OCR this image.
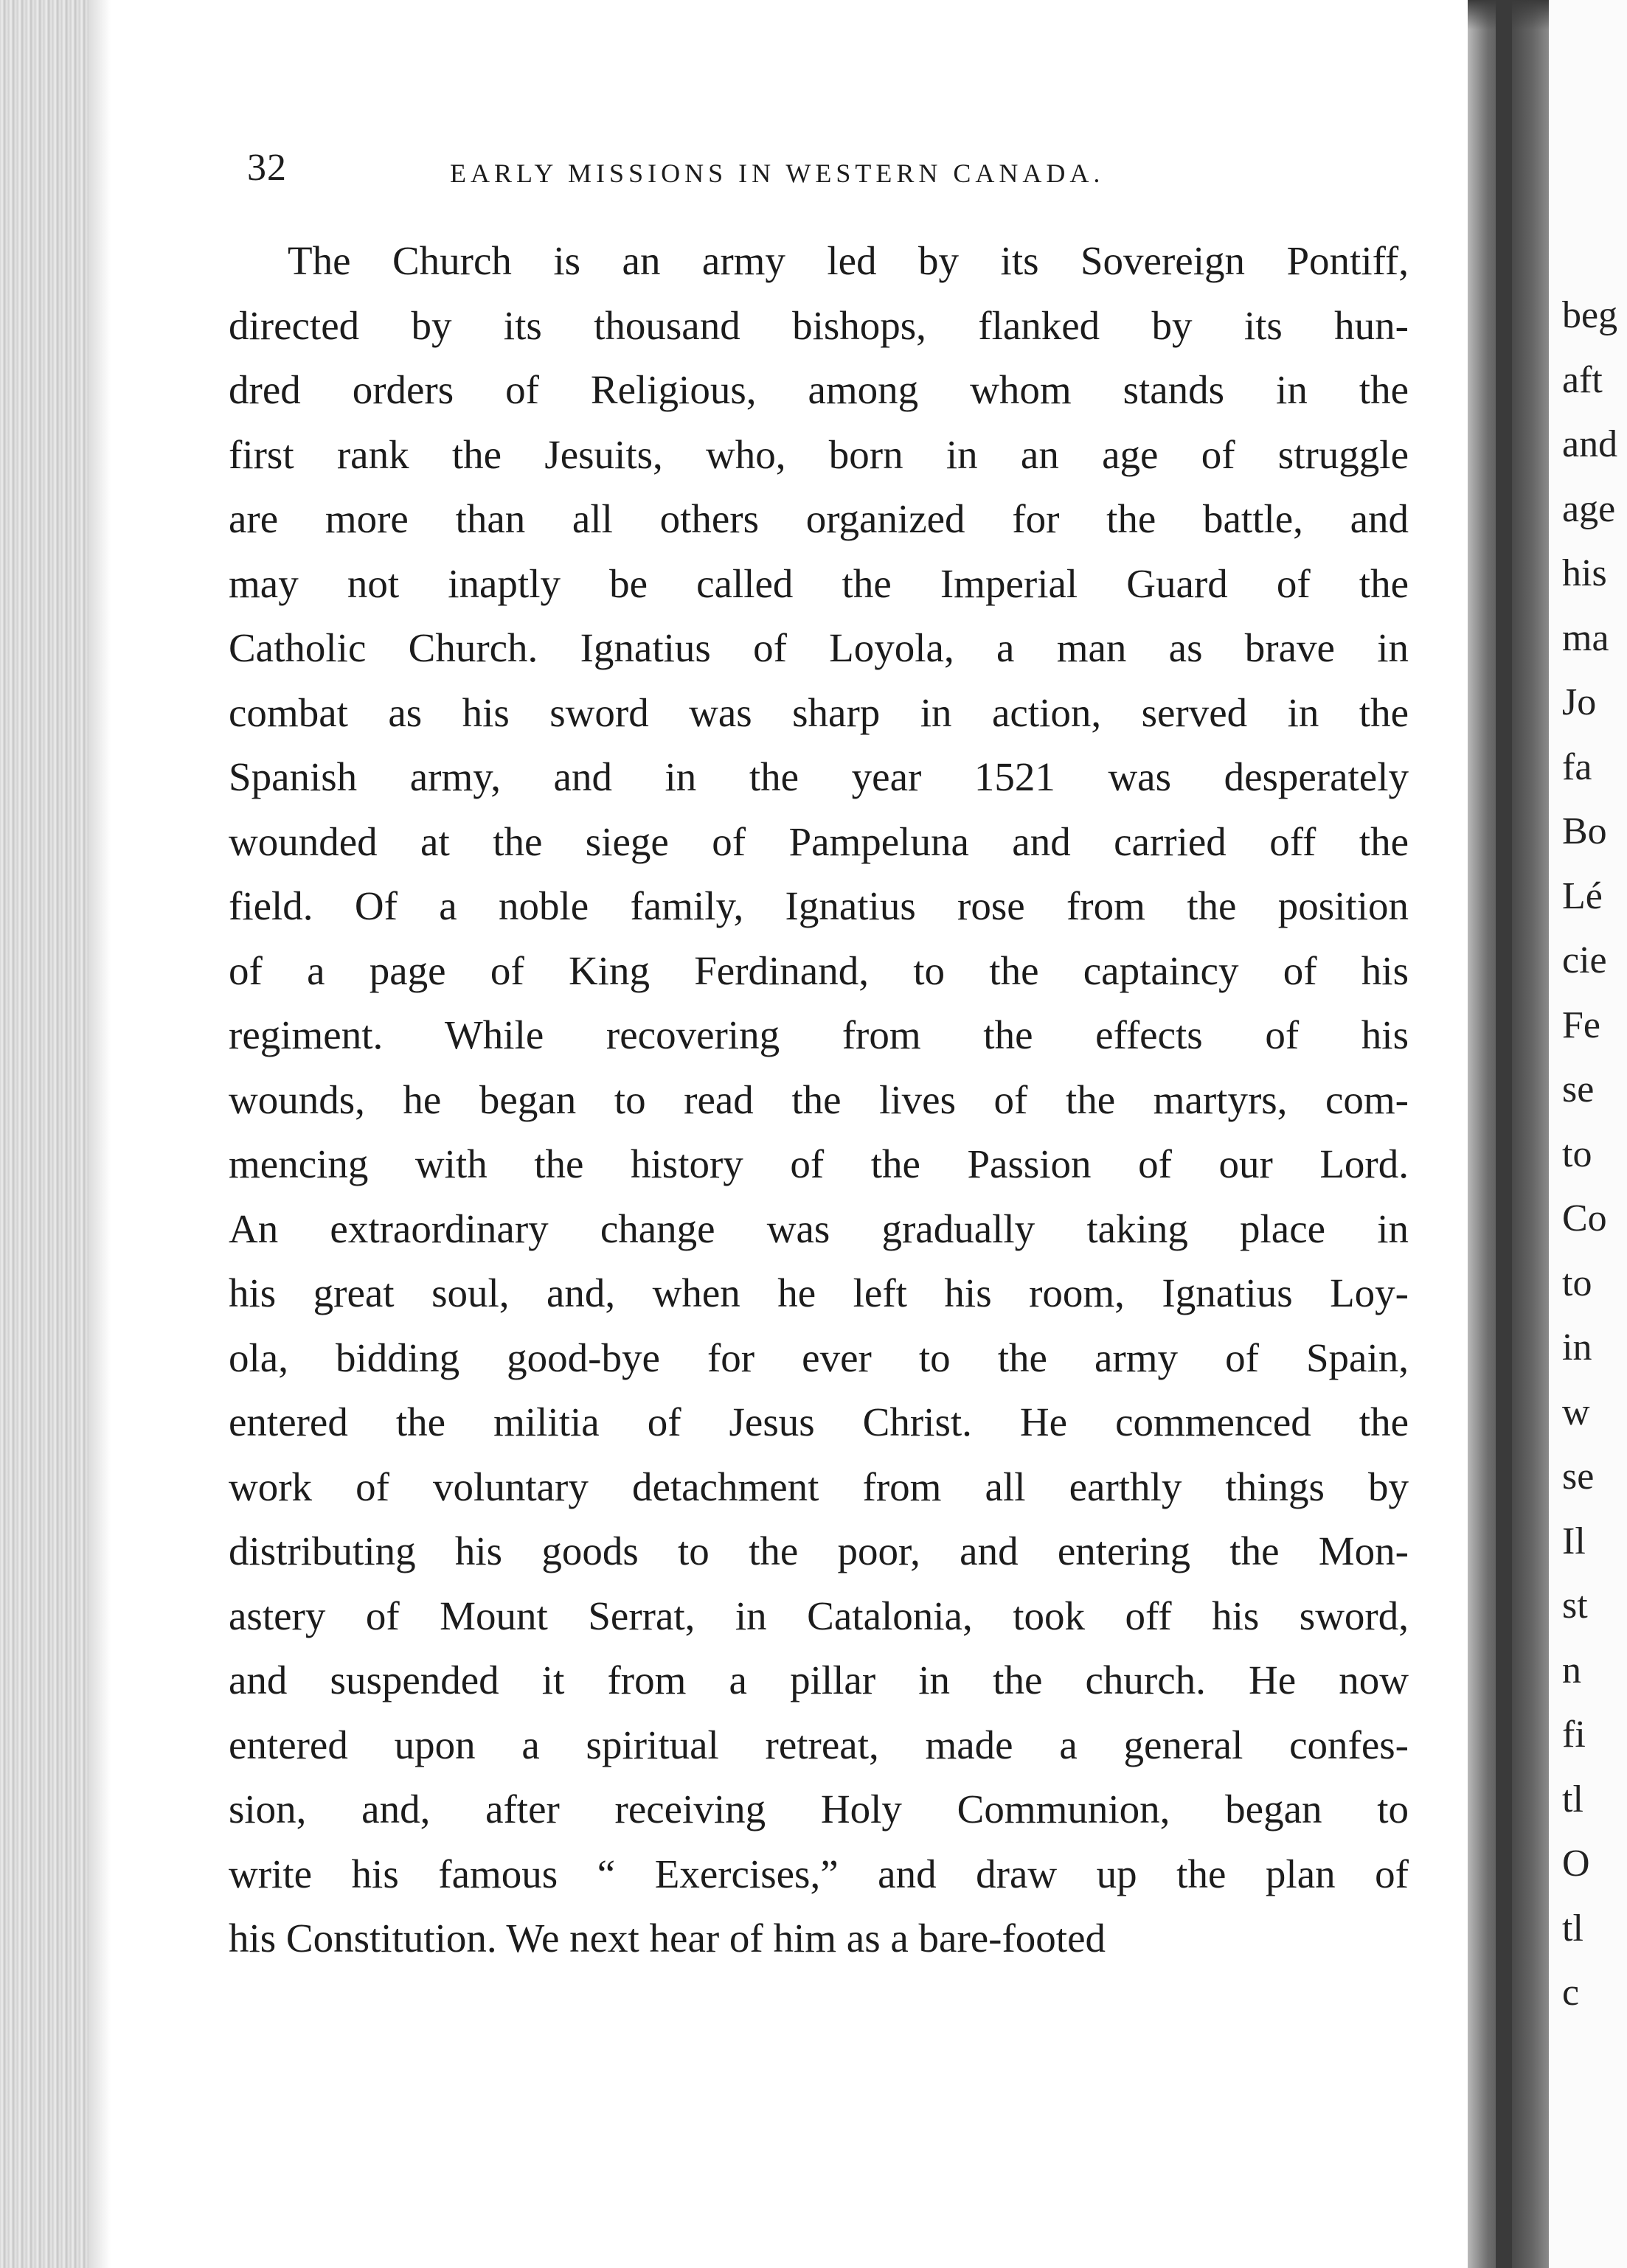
32	EARLY MISSIONS IN WESTERN CANADA.
The Church is an army led by its Sovereign Pontiff,
directed by its thousand bishops, flanked by its hun-
dred orders of Religious, among whom stands in the
first rank the Jesuits, who, born in an age of struggle
are more than all others organized for the battle, and
may not inaptly be called the Imperial Guard of the
Catholic Church. Ignatius of Loyola, a man as brave in
combat as his sword was sharp in action, served in the
Spanish army, and in the year 1521 was desperately
wounded at the siege of Pampeluna and carried off the
field. Of a noble family, Ignatius rose from the position
of a page of King Ferdinand, to the captaincy of his
regiment. While recovering from the effects of his
wounds, he began to read the lives of the martyrs, com-
mencing with the history of the Passion of our Lord.
An extraordinary change was gradually taking place in
his great soul, and, when he left his room, Ignatius Loy-
ola, bidding good-bye for ever to the army of Spain,
entered the militia of Jesus Christ. He commenced the
work of voluntary detachment from all earthly things by
distributing his goods to the poor, and entering the Mon-
astery of Mount Serrat, in Catalonia, took off his sword,
and suspended it from a pillar in the church. He now
entered upon a spiritual retreat, made a general confes-
sion, and, after receiving Holy Communion, began to
write his famous “ Exercises,” and draw up the plan of
his Constitution. We next hear of him as a bare-footed
beg
aft
and
age
his
ma
Jo
fa
Bo
Lé
cie
Fe
se
to
Co
to
in
w
se
Il
st
n
fi
tl
O
tl
c
